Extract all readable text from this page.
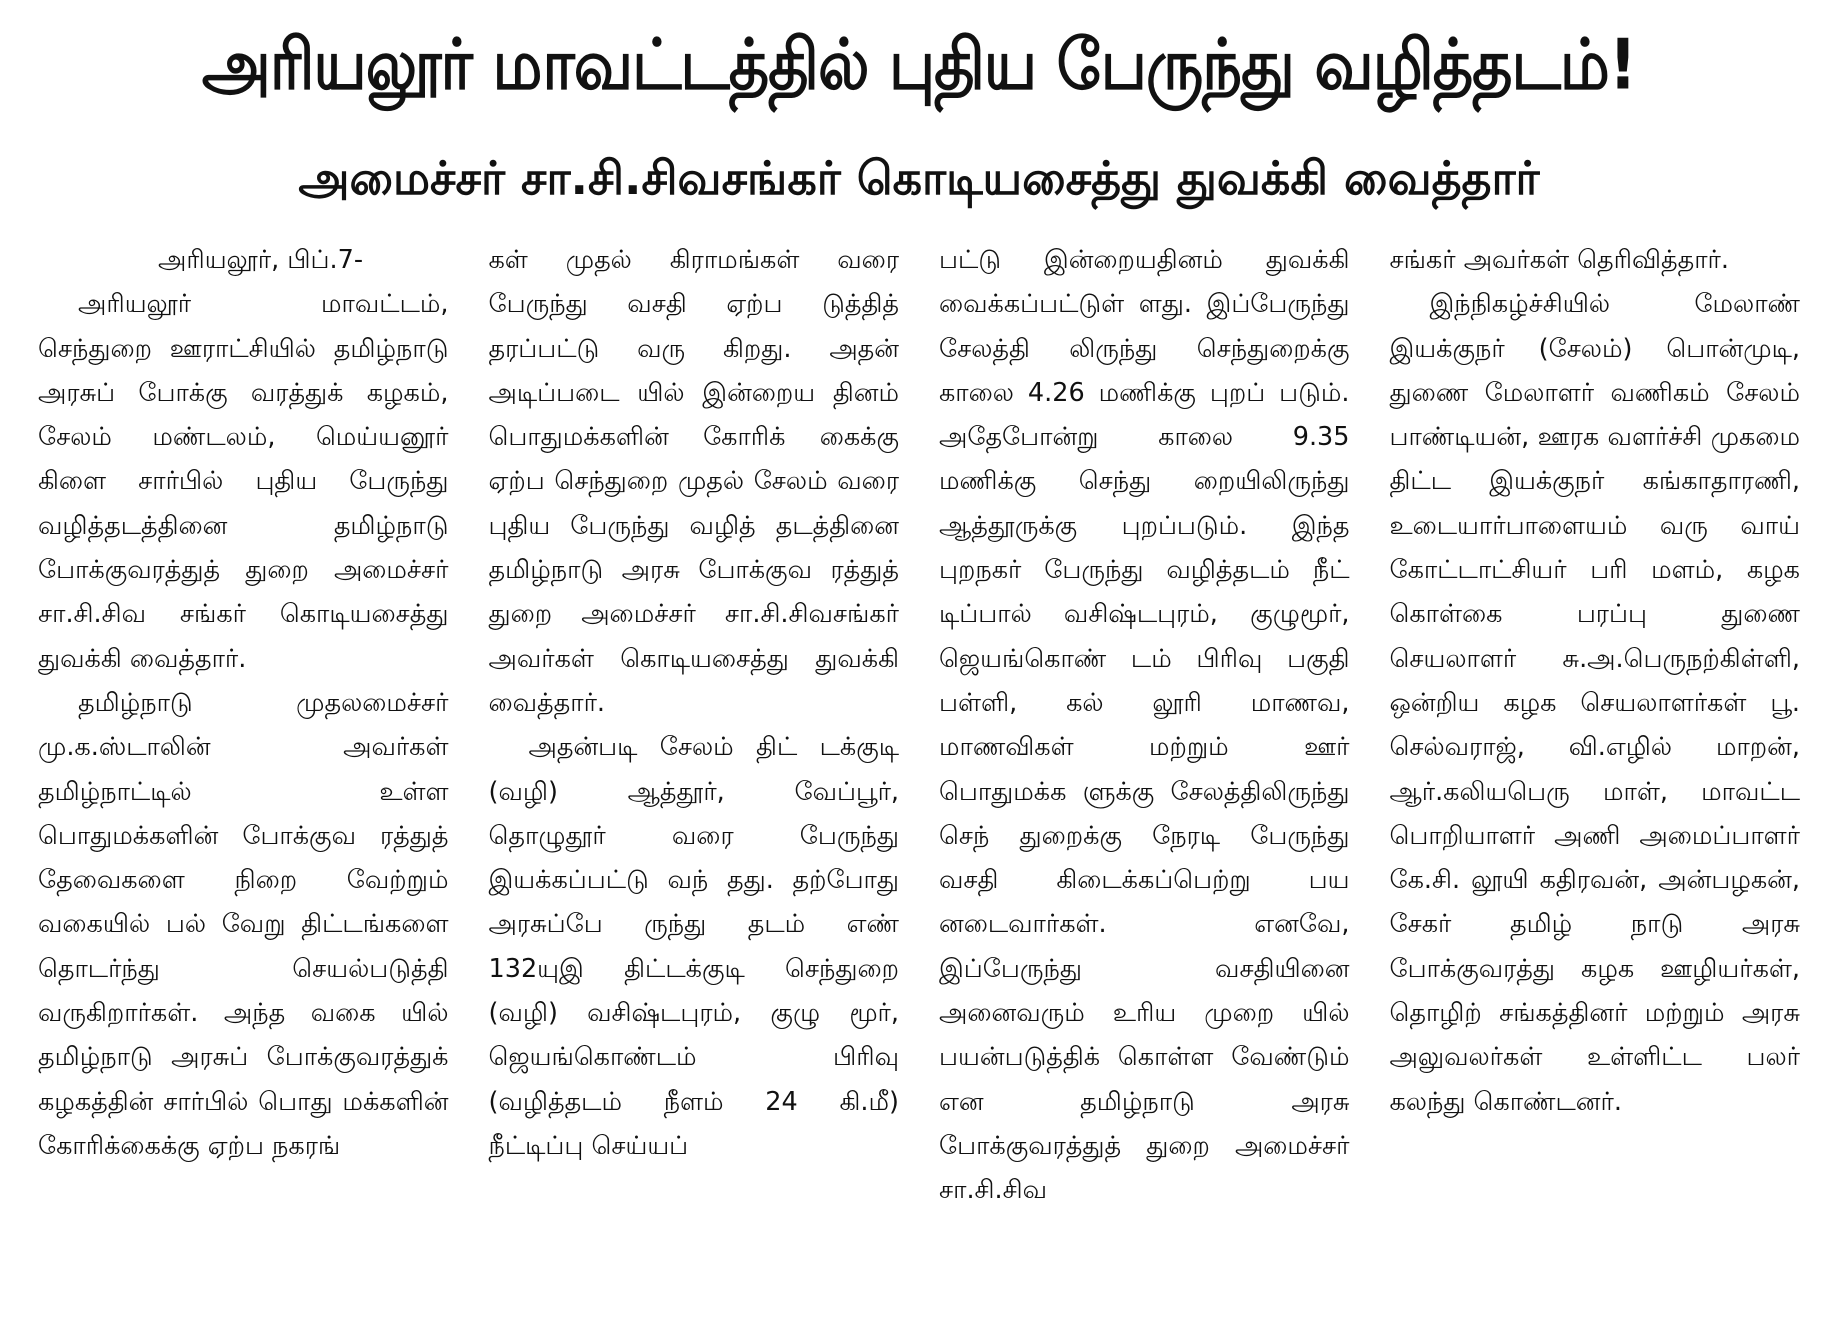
அரியலூர் மாவட்டத்தில் புதிய பேருந்து வழித்தடம்!
அமைச்சர் சா.சி.சிவசங்கர் கொடியசைத்து துவக்கி வைத்தார்
அரியலூர், பிப்.7-

அரியலூர் மாவட்டம், செந்துறை ஊராட்சியில் தமிழ்நாடு அரசுப் போக்கு வரத்துக் கழகம், சேலம் மண்டலம், மெய்யனூர் கிளை சார்பில் புதிய பேருந்து வழித்தடத்தினை தமிழ்நாடு போக்குவரத்துத் துறை அமைச்சர் சா.சி.சிவ சங்கர் கொடியசைத்து துவக்கி வைத்தார்.

தமிழ்நாடு முதலமைச்சர் மு.க.ஸ்டாலின் அவர்கள் தமிழ்நாட்டில் உள்ள பொதுமக்களின் போக்குவ ரத்துத் தேவைகளை நிறை வேற்றும் வகையில் பல் வேறு திட்டங்களை தொடர்ந்து செயல்படுத்தி வருகிறார்கள். அந்த வகை யில் தமிழ்நாடு அரசுப் போக்குவரத்துக் கழகத்தின் சார்பில் பொது மக்களின் கோரிக்கைக்கு ஏற்ப நகரங்

கள் முதல் கிராமங்கள் வரை பேருந்து வசதி ஏற்ப டுத்தித் தரப்பட்டு வரு கிறது. அதன் அடிப்படை யில் இன்றைய தினம் பொதுமக்களின் கோரிக் கைக்கு ஏற்ப செந்துறை முதல் சேலம் வரை புதிய பேருந்து வழித் தடத்தினை தமிழ்நாடு அரசு போக்குவ ரத்துத் துறை அமைச்சர் சா.சி.சிவசங்கர் அவர்கள் கொடியசைத்து துவக்கி வைத்தார்.

அதன்படி சேலம் திட் டக்குடி (வழி) ஆத்தூர், வேப்பூர், தொழுதூர் வரை பேருந்து இயக்கப்பட்டு வந் தது. தற்போது அரசுப்பே ருந்து தடம் எண் 132யுஇ திட்டக்குடி செந்துறை (வழி) வசிஷ்டபுரம், குழு மூர், ஜெயங்கொண்டம் பிரிவு (வழித்தடம் நீளம் 24 கி.மீ) நீட்டிப்பு செய்யப்

பட்டு இன்றையதினம் துவக்கி வைக்கப்பட்டுள் ளது. இப்பேருந்து சேலத்தி லிருந்து செந்துறைக்கு காலை 4.26 மணிக்கு புறப் படும். அதேபோன்று காலை 9.35 மணிக்கு செந்து றையிலிருந்து ஆத்தூருக்கு புறப்படும். இந்த புறநகர் பேருந்து வழித்தடம் நீட் டிப்பால் வசிஷ்டபுரம், குழுமூர், ஜெயங்கொண் டம் பிரிவு பகுதி பள்ளி, கல் லூரி மாணவ, மாணவிகள் மற்றும் ஊர் பொதுமக்க ளுக்கு சேலத்திலிருந்து செந் துறைக்கு நேரடி பேருந்து வசதி கிடைக்கப்பெற்று பய னடைவார்கள். எனவே, இப்பேருந்து வசதியினை அனைவரும் உரிய முறை யில் பயன்படுத்திக் கொள்ள வேண்டும் என தமிழ்நாடு அரசு போக்குவரத்துத் துறை அமைச்சர் சா.சி.சிவ

சங்கர் அவர்கள் தெரிவித்தார்.

இந்நிகழ்ச்சியில் மேலாண் இயக்குநர் (சேலம்) பொன்முடி, துணை மேலாளர் வணிகம் சேலம் பாண்டியன், ஊரக வளர்ச்சி முகமை திட்ட இயக்குநர் கங்காதாரணி, உடையார்பாளையம் வரு வாய் கோட்டாட்சியர் பரி மளம், கழக கொள்கை பரப்பு துணை செயலாளர் சு.அ.பெருநற்கிள்ளி, ஒன்றிய கழக செயலாளர்கள் பூ. செல்வராஜ், வி.எழில் மாறன், ஆர்.கலியபெரு மாள், மாவட்ட பொறியாளர் அணி அமைப்பாளர் கே.சி. லூயி கதிரவன், அன்பழகன், சேகர் தமிழ் நாடு அரசு போக்குவரத்து கழக ஊழியர்கள், தொழிற் சங்கத்தினர் மற்றும் அரசு அலுவலர்கள் உள்ளிட்ட பலர் கலந்து கொண்டனர்.
